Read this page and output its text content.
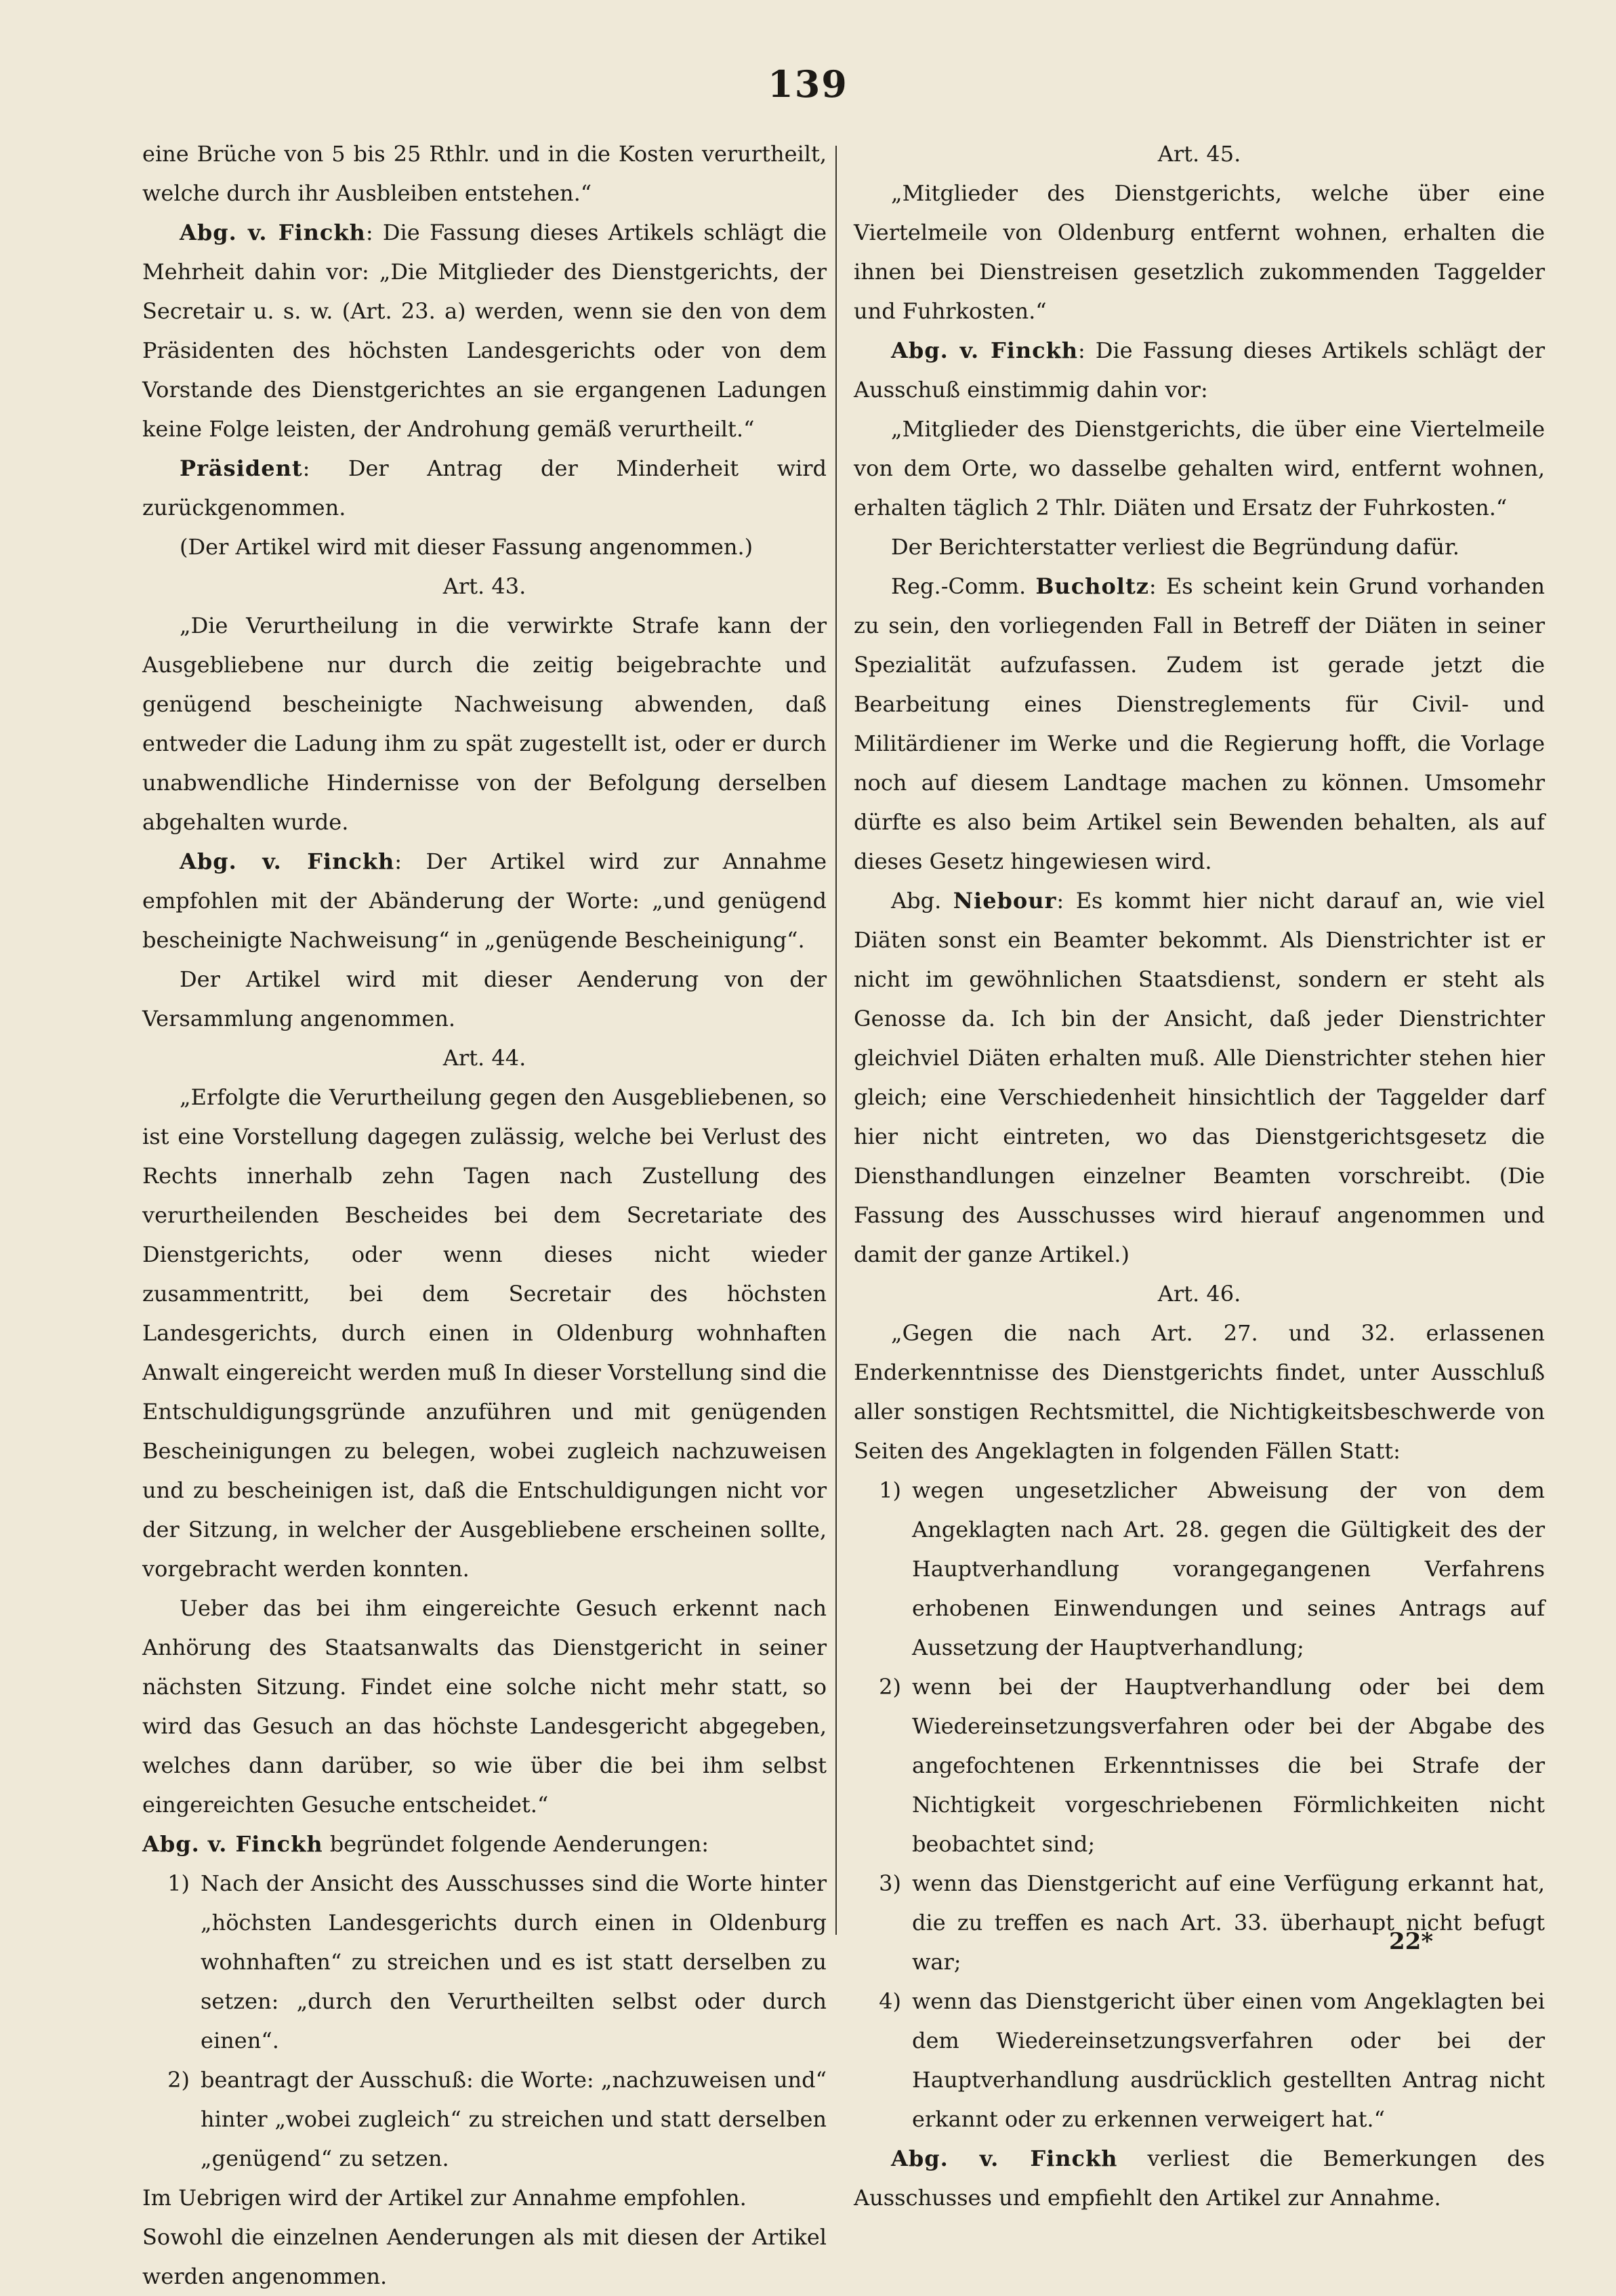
139

eine Brüche von 5 bis 25 Rthlr. und in die Kosten verurtheilt, welche durch ihr Ausbleiben entstehen.“

Abg. v. Finckh: Die Fassung dieses Artikels schlägt die Mehrheit dahin vor: „Die Mitglieder des Dienstgerichts, der Secretair u. s. w. (Art. 23. a) werden, wenn sie den von dem Präsidenten des höchsten Landesgerichts oder von dem Vorstande des Dienstgerichtes an sie ergangenen Ladungen keine Folge leisten, der Androhung gemäß verurtheilt.“

Präsident: Der Antrag der Minderheit wird zurückgenommen.

(Der Artikel wird mit dieser Fassung angenommen.)

Art. 43.

„Die Verurtheilung in die verwirkte Strafe kann der Ausgebliebene nur durch die zeitig beigebrachte und genügend bescheinigte Nachweisung abwenden, daß entweder die Ladung ihm zu spät zugestellt ist, oder er durch unabwendliche Hindernisse von der Befolgung derselben abgehalten wurde.

Abg. v. Finckh: Der Artikel wird zur Annahme empfohlen mit der Abänderung der Worte: „und genügend bescheinigte Nachweisung“ in „genügende Bescheinigung“.

Der Artikel wird mit dieser Aenderung von der Versammlung angenommen.

Art. 44.

„Erfolgte die Verurtheilung gegen den Ausgebliebenen, so ist eine Vorstellung dagegen zulässig, welche bei Verlust des Rechts innerhalb zehn Tagen nach Zustellung des verurtheilenden Bescheides bei dem Secretariate des Dienstgerichts, oder wenn dieses nicht wieder zusammentritt, bei dem Secretair des höchsten Landesgerichts, durch einen in Oldenburg wohnhaften Anwalt eingereicht werden muß In dieser Vorstellung sind die Entschuldigungsgründe anzuführen und mit genügenden Bescheinigungen zu belegen, wobei zugleich nachzuweisen und zu bescheinigen ist, daß die Entschuldigungen nicht vor der Sitzung, in welcher der Ausgebliebene erscheinen sollte, vorgebracht werden konnten.

Ueber das bei ihm eingereichte Gesuch erkennt nach Anhörung des Staatsanwalts das Dienstgericht in seiner nächsten Sitzung. Findet eine solche nicht mehr statt, so wird das Gesuch an das höchste Landesgericht abgegeben, welches dann darüber, so wie über die bei ihm selbst eingereichten Gesuche entscheidet.“

Abg. v. Finckh begründet folgende Aenderungen:

1) Nach der Ansicht des Ausschusses sind die Worte hinter „höchsten Landesgerichts durch einen in Oldenburg wohnhaften“ zu streichen und es ist statt derselben zu setzen: „durch den Verurtheilten selbst oder durch einen“.
2) beantragt der Ausschuß: die Worte: „nachzuweisen und“ hinter „wobei zugleich“ zu streichen und statt derselben „genügend“ zu setzen.

Im Uebrigen wird der Artikel zur Annahme empfohlen.

Sowohl die einzelnen Aenderungen als mit diesen der Artikel werden angenommen.

Art. 45.

„Mitglieder des Dienstgerichts, welche über eine Viertelmeile von Oldenburg entfernt wohnen, erhalten die ihnen bei Dienstreisen gesetzlich zukommenden Taggelder und Fuhrkosten.“

Abg. v. Finckh: Die Fassung dieses Artikels schlägt der Ausschuß einstimmig dahin vor:

„Mitglieder des Dienstgerichts, die über eine Viertelmeile von dem Orte, wo dasselbe gehalten wird, entfernt wohnen, erhalten täglich 2 Thlr. Diäten und Ersatz der Fuhrkosten.“

Der Berichterstatter verliest die Begründung dafür.

Reg.-Comm. Bucholtz: Es scheint kein Grund vorhanden zu sein, den vorliegenden Fall in Betreff der Diäten in seiner Spezialität aufzufassen. Zudem ist gerade jetzt die Bearbeitung eines Dienstreglements für Civil- und Militärdiener im Werke und die Regierung hofft, die Vorlage noch auf diesem Landtage machen zu können. Umsomehr dürfte es also beim Artikel sein Bewenden behalten, als auf dieses Gesetz hingewiesen wird.

Abg. Niebour: Es kommt hier nicht darauf an, wie viel Diäten sonst ein Beamter bekommt. Als Dienstrichter ist er nicht im gewöhnlichen Staatsdienst, sondern er steht als Genosse da. Ich bin der Ansicht, daß jeder Dienstrichter gleichviel Diäten erhalten muß. Alle Dienstrichter stehen hier gleich; eine Verschiedenheit hinsichtlich der Taggelder darf hier nicht eintreten, wo das Dienstgerichtsgesetz die Diensthandlungen einzelner Beamten vorschreibt. (Die Fassung des Ausschusses wird hierauf angenommen und damit der ganze Artikel.)

Art. 46.

„Gegen die nach Art. 27. und 32. erlassenen Enderkenntnisse des Dienstgerichts findet, unter Ausschluß aller sonstigen Rechtsmittel, die Nichtigkeitsbeschwerde von Seiten des Angeklagten in folgenden Fällen Statt:

1) wegen ungesetzlicher Abweisung der von dem Angeklagten nach Art. 28. gegen die Gültigkeit des der Hauptverhandlung vorangegangenen Verfahrens erhobenen Einwendungen und seines Antrags auf Aussetzung der Hauptverhandlung;
2) wenn bei der Hauptverhandlung oder bei dem Wiedereinsetzungsverfahren oder bei der Abgabe des angefochtenen Erkenntnisses die bei Strafe der Nichtigkeit vorgeschriebenen Förmlichkeiten nicht beobachtet sind;
3) wenn das Dienstgericht auf eine Verfügung erkannt hat, die zu treffen es nach Art. 33. überhaupt nicht befugt war;
4) wenn das Dienstgericht über einen vom Angeklagten bei dem Wiedereinsetzungsverfahren oder bei der Hauptverhandlung ausdrücklich gestellten Antrag nicht erkannt oder zu erkennen verweigert hat.“

Abg. v. Finckh verliest die Bemerkungen des Ausschusses und empfiehlt den Artikel zur Annahme.

22*
